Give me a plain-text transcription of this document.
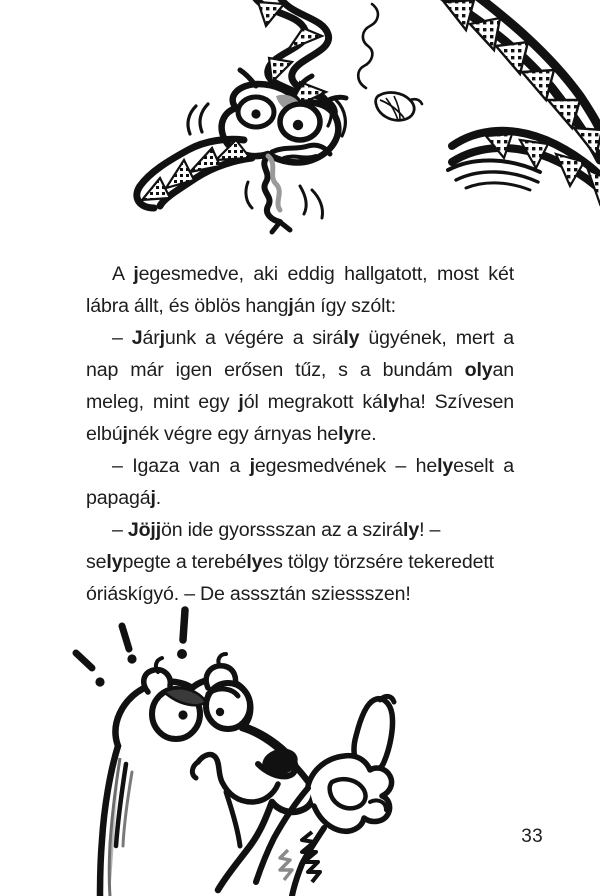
A jegesmedve, aki eddig hallgatott, most két lábra állt, és öblös hangján így szólt:

– Járjunk a végére a sirály ügyének, mert a nap már igen erősen tűz, s a bundám olyan meleg, mint egy jól megrakott kályha! Szívesen elbújnék végre egy árnyas helyre.

– Igaza van a jegesmedvének – helyeselt a papagáj.

– Jöjjön ide gyorssszan az a szirály! – selypegte a terebélyes tölgy törzsére tekeredett óriáskígyó. – De asssztán sziessszen!

33
